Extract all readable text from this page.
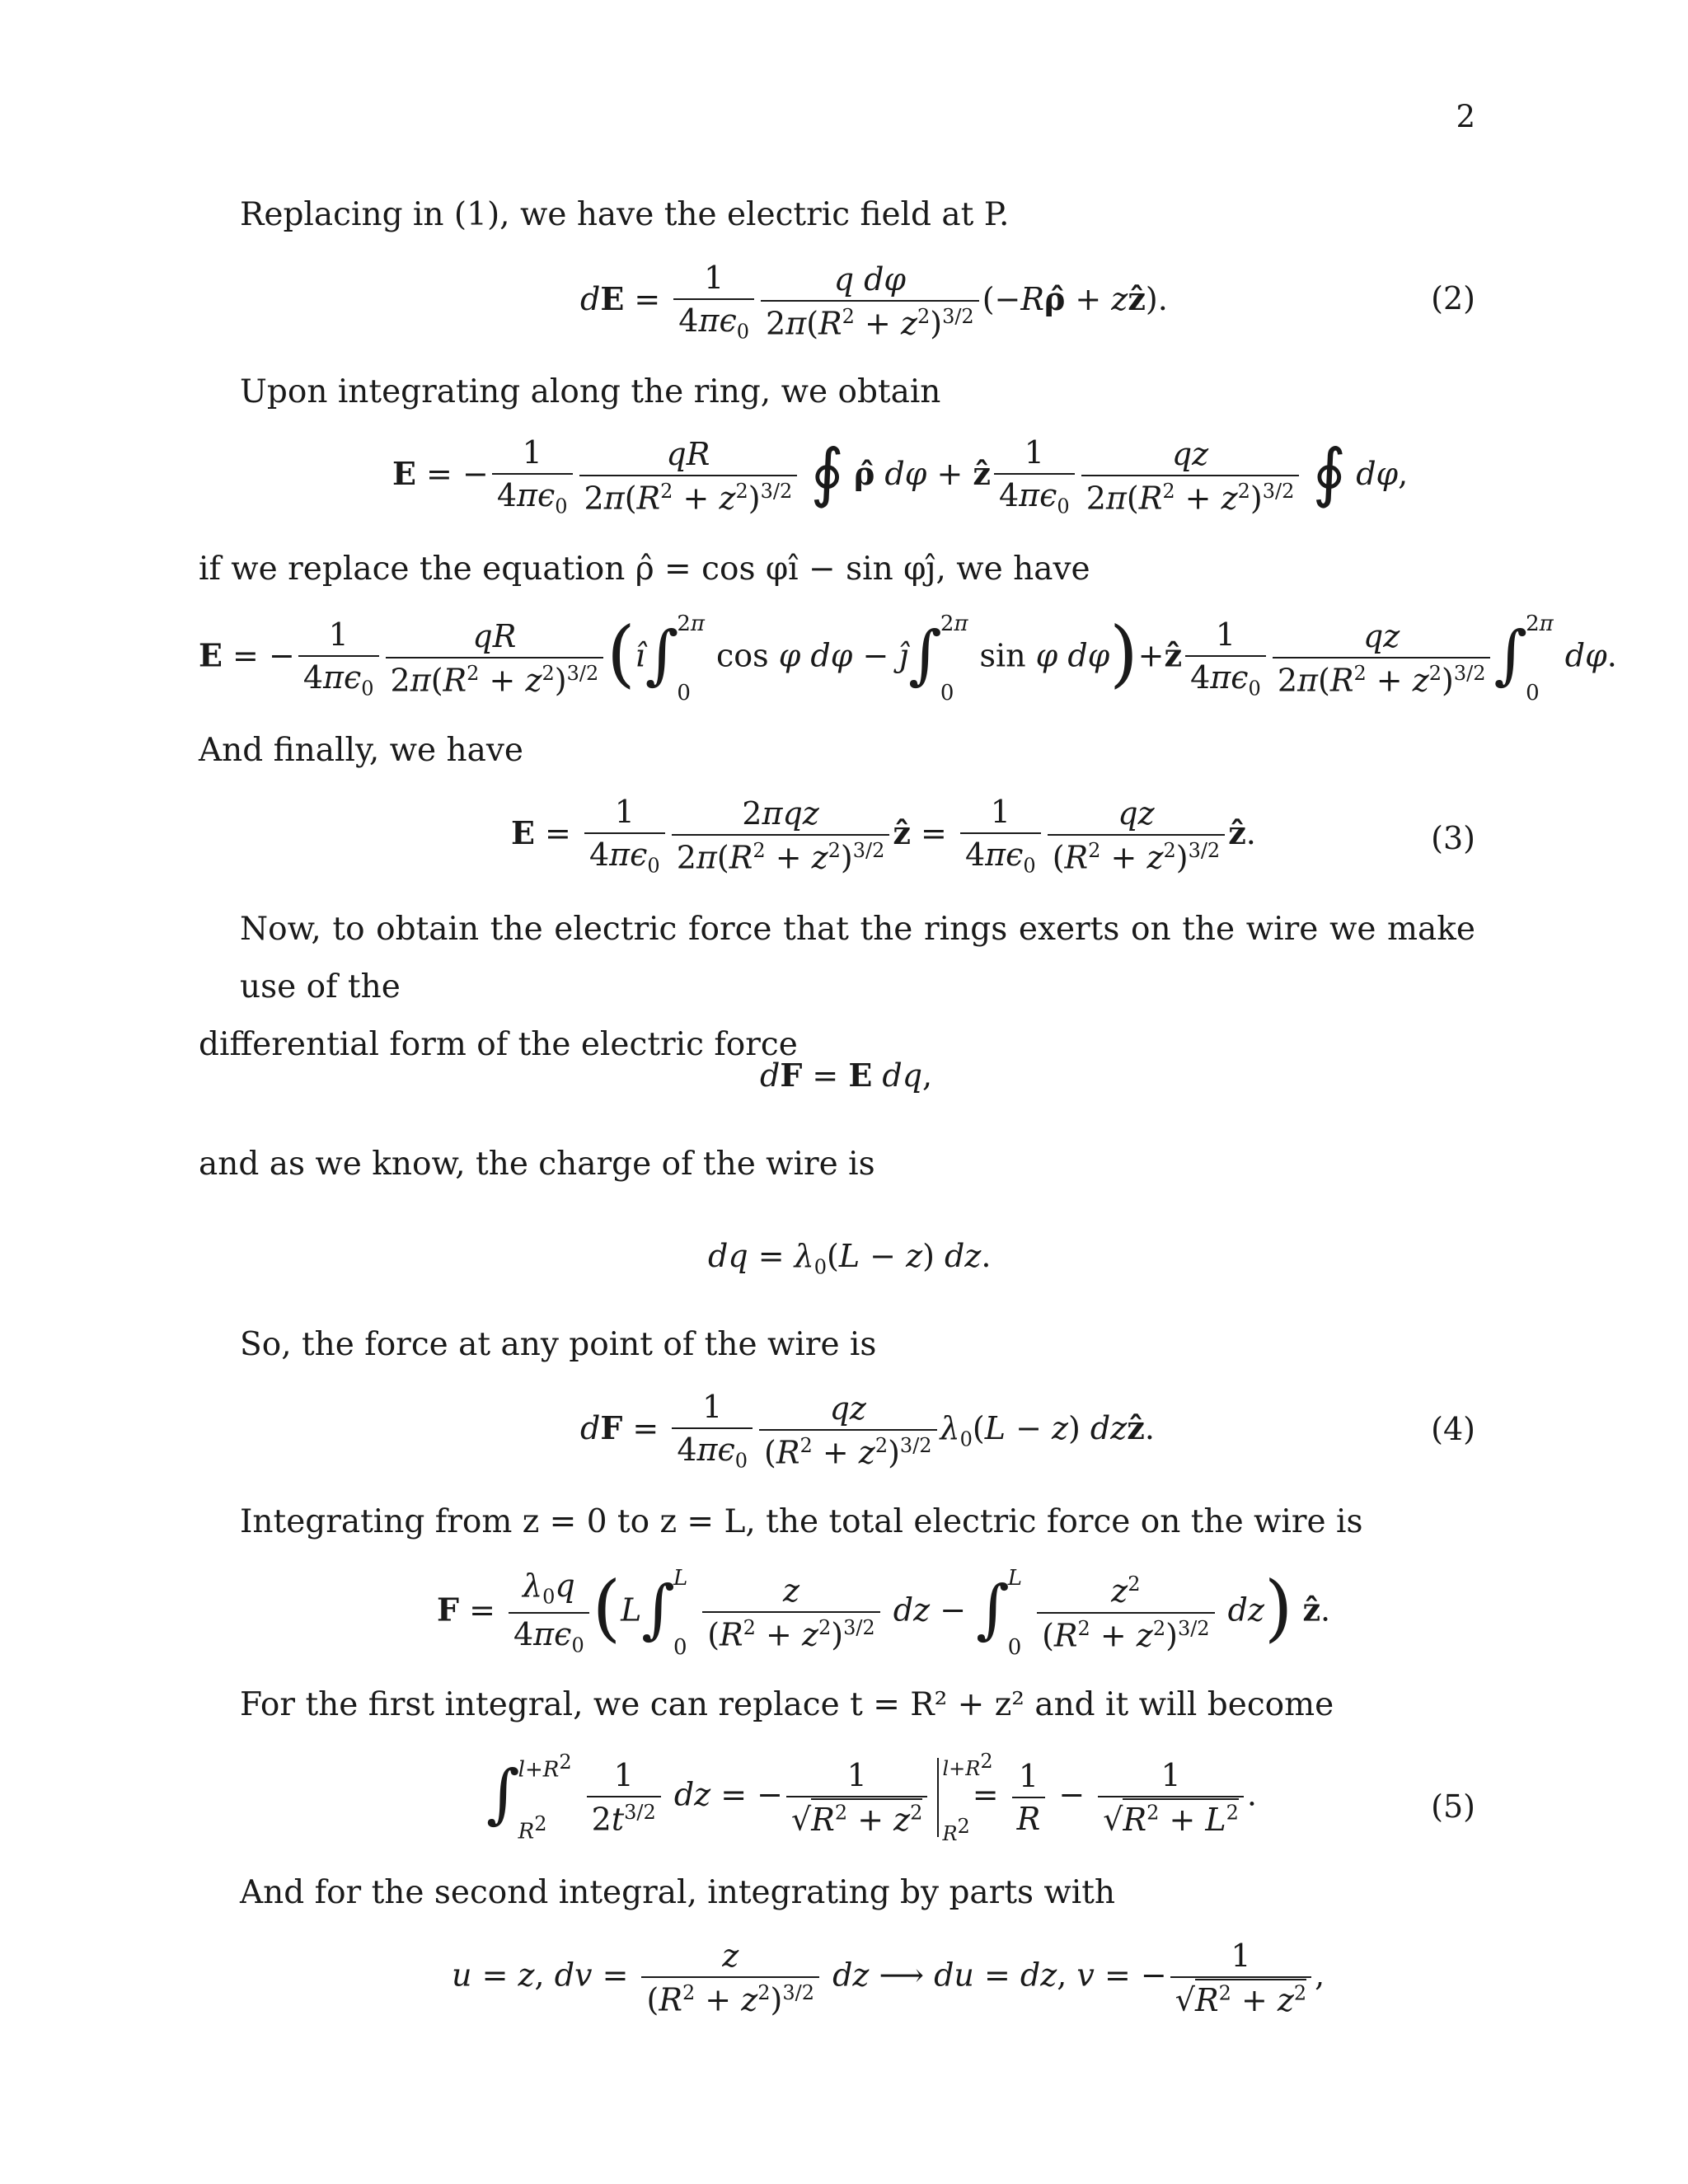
2
Replacing in (1), we have the electric field at P.
dE = $\frac{1}{4\pi\epsilon_0} \frac{\text{q dφ}}{2\pi(R^2 + z^2)^{3/2}}$ (−Rρ̂ + zẑ).	(2)
Upon integrating along the ring, we obtain
E = − $\frac{1}{4\pi\epsilon_0} \frac{qR}{2\pi(R^2 + z^2)^{3/2}}$ ∮ ρ̂ dφ + ẑ $\frac{1}{4\pi\epsilon_0} \frac{qz}{2\pi(R^2 + z^2)^{3/2}}$ ∮ dφ,
if we replace the equation ρ̂ = cos φî − sin φĵ, we have
E = − $\frac{1}{4\pi\epsilon_0} \frac{qR}{2\pi(R^2 + z^2)^{3/2}}$ (î∫
2π
0
cos φ dφ − ĵ∫
2π
0
sin φ dφ)+ẑ $\frac{1}{4\pi\epsilon_0} \frac{qz}{2\pi(R^2 + z^2)^{3/2}}$ ∫
2π
0
dφ.
And finally, we have
$E = \frac{1}{4\pi\epsilon_0} \frac{\text{2πqz}}{2\pi(R^2 + z^2)^{3/2}}$ ẑ = $\frac{1}{4\pi\epsilon_0} \frac{qz}{(R^2 + z^2)^{3/2}}$ ẑ.	(3)
Now, to obtain the electric force that the rings exerts on the wire we make use of the
differential form of the electric force
dF = E dq,
and as we know, the charge of the wire is
dq = $\lambda_0(L - z)$ dz.
So, the force at any point of the wire is
dF = $\frac{1}{4\pi\epsilon_0} \frac{qz}{(R^2 + z^2)^{3/2}} \lambda_0(L - z)$ dzẑ.	(4)
Integrating from z = 0 to z = L, the total electric force on the wire is
$F = \frac{\lambda_0q}{4\pi\epsilon_0} (L\int$
L
$0 \frac{z}{(R^2 + z^2)^{3/2}}$ dz − ∫
L
$0 \frac{z^2}{(R^2 + z^2)^{3/2}} dz$) ẑ.
For the first integral, we can replace t = R² + z² and it will become
∫
$l+R^2$
$R^2$	$\frac{1}{2t^{3/2}}$ dz = − $\frac{1}{√R^2 + z^2} l+R^2$
$R^2$
= $\frac{1}{R} - \frac{1}{√R^2 + L^2}$ .	(5)
And for the second integral, integrating by parts with
u = z, dv = $\frac{z}{(R^2 + z^2)^{3/2}}$ dz ⟶ du = dz, v = − $\frac{1}{√R^2 + z^2}$ ,
